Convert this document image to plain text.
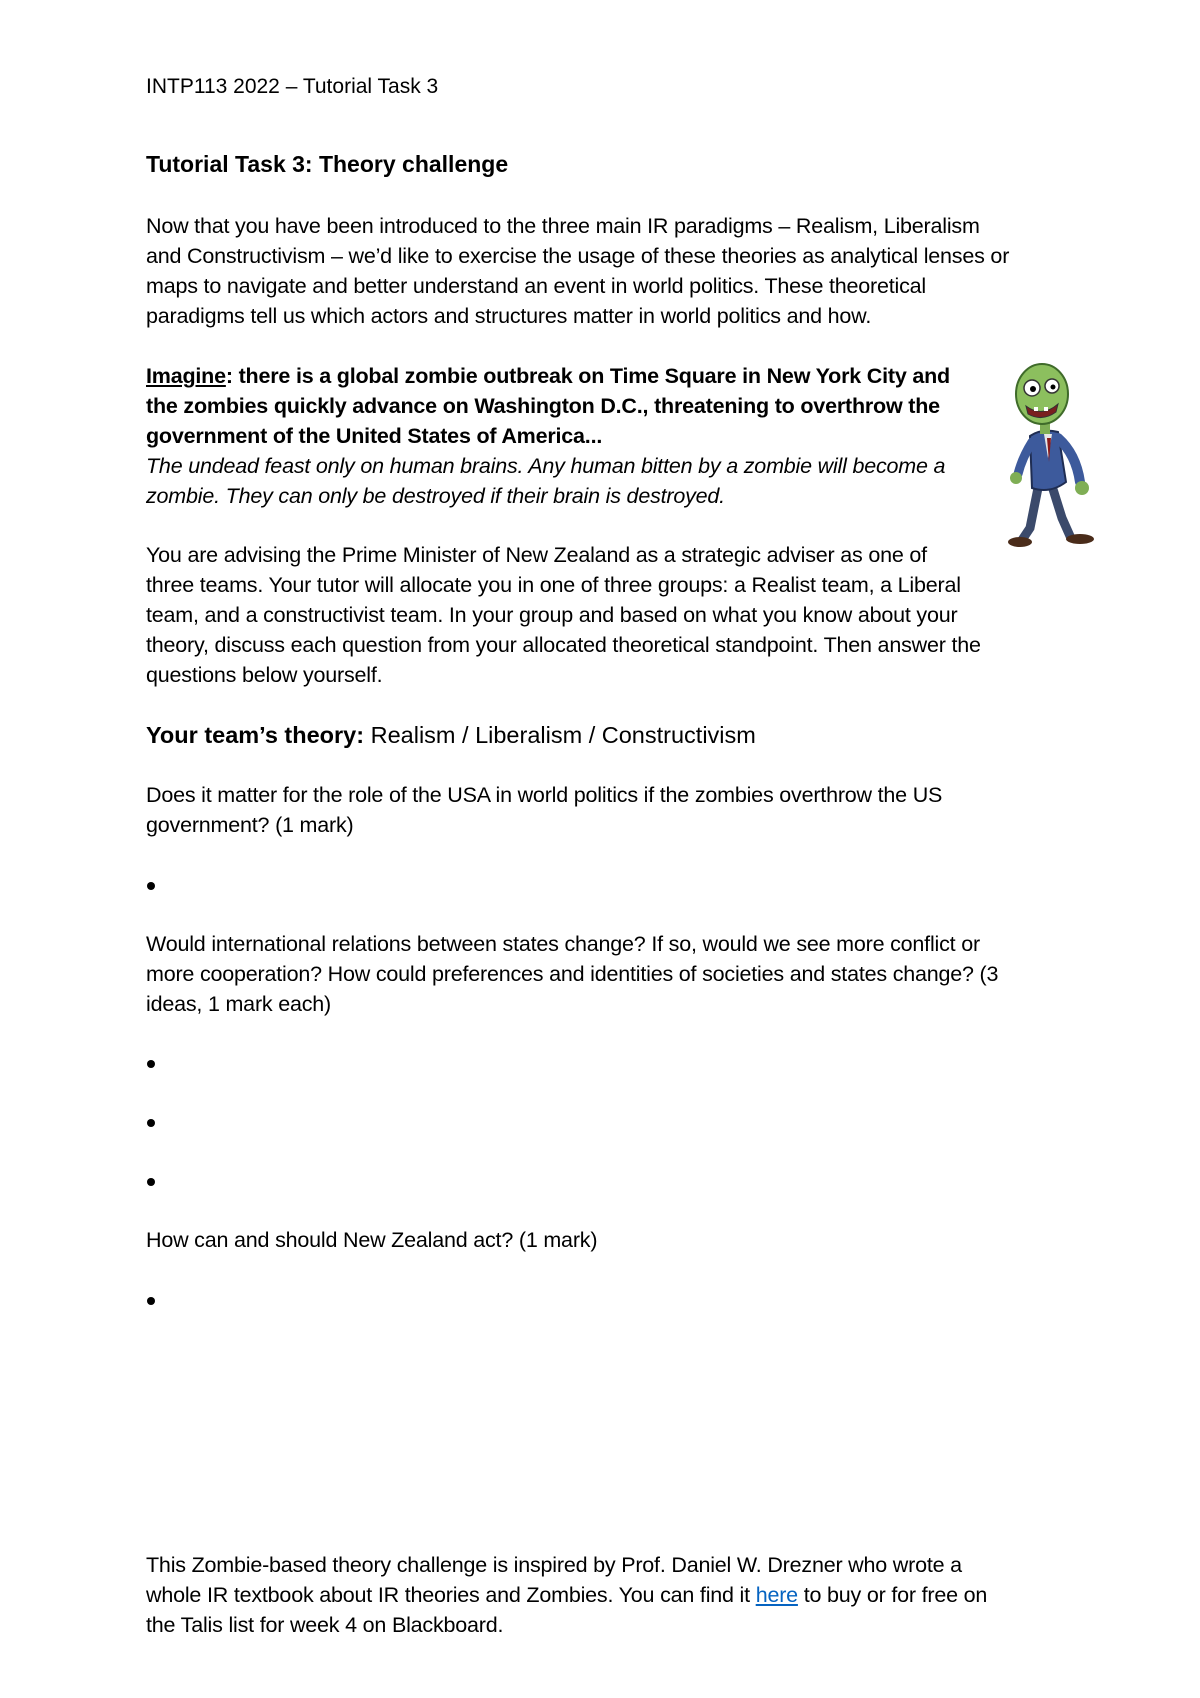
INTP113 2022 – Tutorial Task 3
Tutorial Task 3: Theory challenge

Now that you have been introduced to the three main IR paradigms – Realism, Liberalism

and Constructivism – we’d like to exercise the usage of these theories as analytical lenses or

maps to navigate and better understand an event in world politics. These theoretical

paradigms tell us which actors and structures matter in world politics and how.

Imagine: there is a global zombie outbreak on Time Square in New York City and

the zombies quickly advance on Washington D.C., threatening to overthrow the

government of the United States of America...

The undead feast only on human brains. Any human bitten by a zombie will become a

zombie. They can only be destroyed if their brain is destroyed.

You are advising the Prime Minister of New Zealand as a strategic adviser as one of

three teams. Your tutor will allocate you in one of three groups: a Realist team, a Liberal

team, and a constructivist team. In your group and based on what you know about your

theory, discuss each question from your allocated theoretical standpoint. Then answer the

questions below yourself.

Your team’s theory: Realism / Liberalism / Constructivism

Does it matter for the role of the USA in world politics if the zombies overthrow the US

government? (1 mark)

Would international relations between states change? If so, would we see more conflict or

more cooperation? How could preferences and identities of societies and states change? (3

ideas, 1 mark each)

How can and should New Zealand act? (1 mark)

This Zombie-based theory challenge is inspired by Prof. Daniel W. Drezner who wrote a

whole IR textbook about IR theories and Zombies. You can find it here to buy or for free on

the Talis list for week 4 on Blackboard.
